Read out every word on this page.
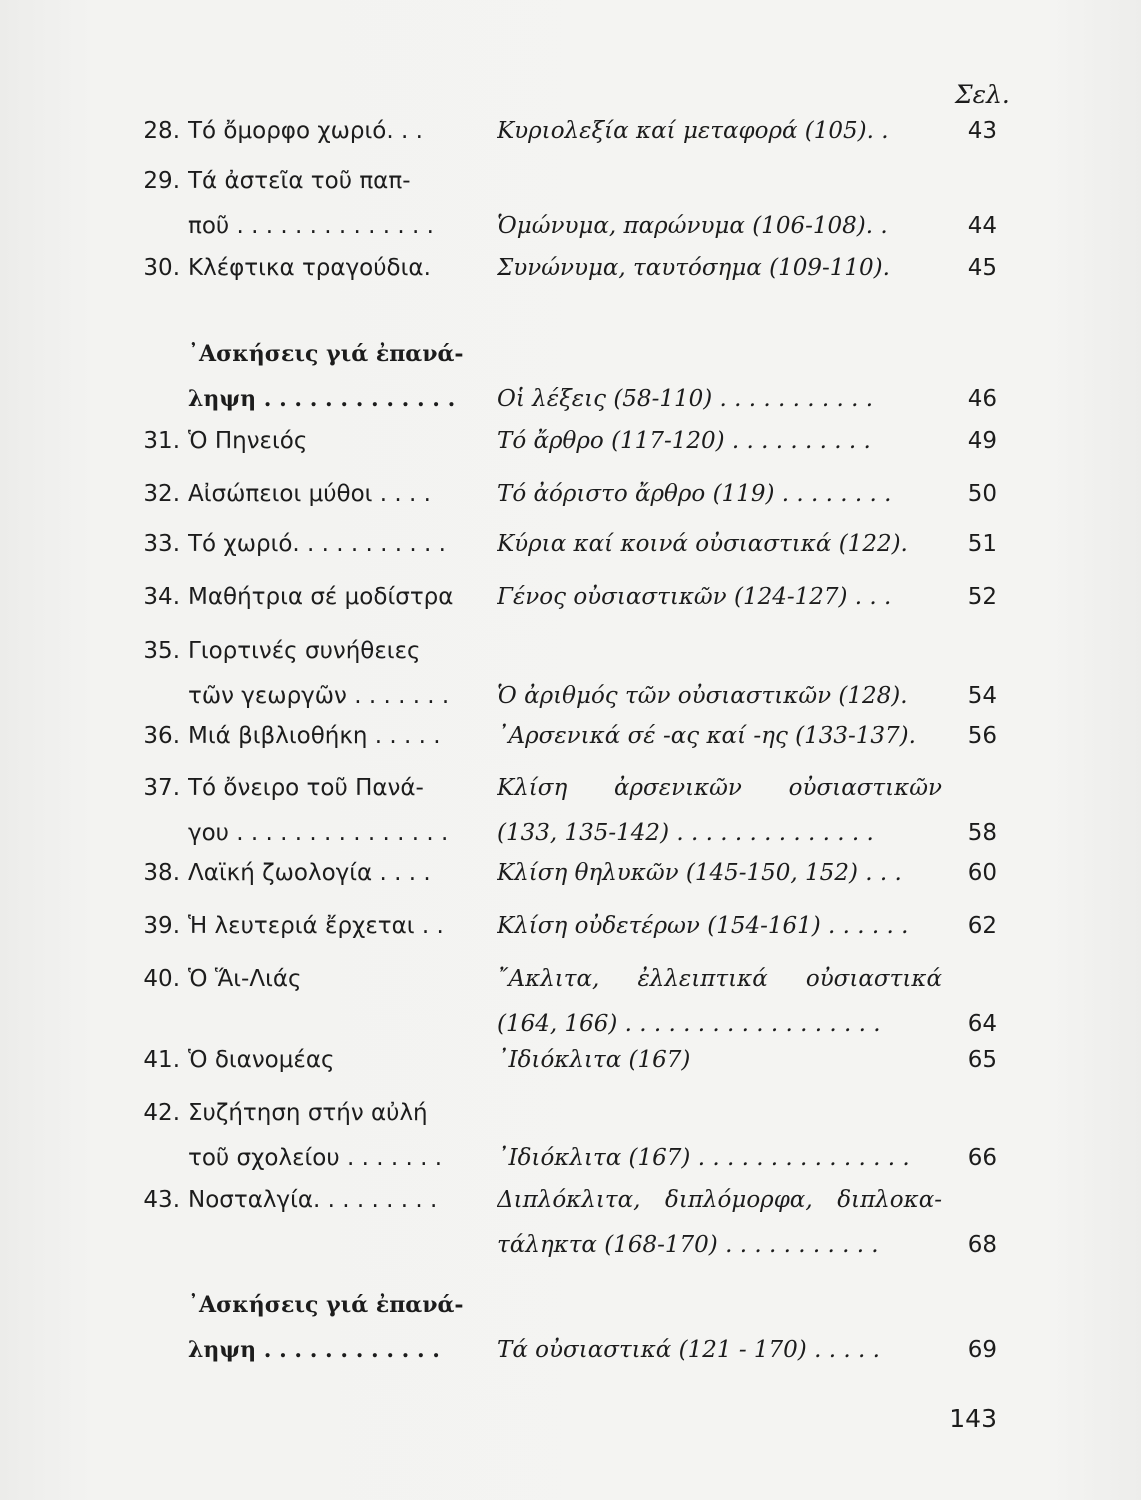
Σελ.
28. Τό ὄμορφο χωριό. . .	Κυριολεξία καί μεταφορά (105). .	43
29. Τά ἀστεῖα τοῦ παπ-
ποῦ . . . . . . . . . . . . . .	Ὁμώνυμα, παρώνυμα (106-108). .	44
30. Κλέφτικα τραγούδια.	Συνώνυμα, ταυτόσημα (109-110).	45
᾿Ασκήσεις γιά ἐπανά-
ληψη . . . . . . . . . . . . .	Οἱ λέξεις (58-110) . . . . . . . . . . .	46
31. Ὁ Πηνειός	Τό ἄρθρο (117-120) . . . . . . . . . .	49
32. Αἰσώπειοι μύθοι . . . .	Τό ἀόριστο ἄρθρο (119) . . . . . . . .	50
33. Τό χωριό. . . . . . . . . . .	Κύρια καί κοινά οὐσιαστικά (122).	51
34. Μαθήτρια σέ μοδίστρα	Γένος οὐσιαστικῶν (124-127) . . .	52
35. Γιορτινές συνήθειες
τῶν γεωργῶν . . . . . . .	Ὁ ἀριθμός τῶν οὐσιαστικῶν (128).	54
36. Μιά βιβλιοθήκη . . . . .	᾿Αρσενικά σέ -ας καί -ης (133-137).	56
37. Τό ὄνειρο τοῦ Πανά-
γου . . . . . . . . . . . . . . .
Κλίση ἀρσενικῶν οὐσιαστικῶν
(133, 135-142) . . . . . . . . . . . . . .	58
38. Λαϊκή ζωολογία . . . .	Κλίση θηλυκῶν (145-150, 152) . . .	60
39. Ἡ λευτεριά ἔρχεται . .	Κλίση οὐδετέρων (154-161) . . . . . .	62
40. Ὁ Ἅι-Λιάς	῎Ακλιτα, ἐλλειπτικά οὐσιαστικά
(164, 166) . . . . . . . . . . . . . . . . . .	64
41. Ὁ διανομέας	᾿Ιδιόκλιτα (167)	65
42. Συζήτηση στήν αὐλή
τοῦ σχολείου . . . . . . .	᾿Ιδιόκλιτα (167) . . . . . . . . . . . . . . .	66
43. Νοσταλγία. . . . . . . . .	Διπλόκλιτα, διπλόμορφα, διπλοκα-
τάληκτα (168-170) . . . . . . . . . . .	68
᾿Ασκήσεις γιά ἐπανά-
ληψη . . . . . . . . . . . .	Τά οὐσιαστικά (121 - 170) . . . . .	69
143
